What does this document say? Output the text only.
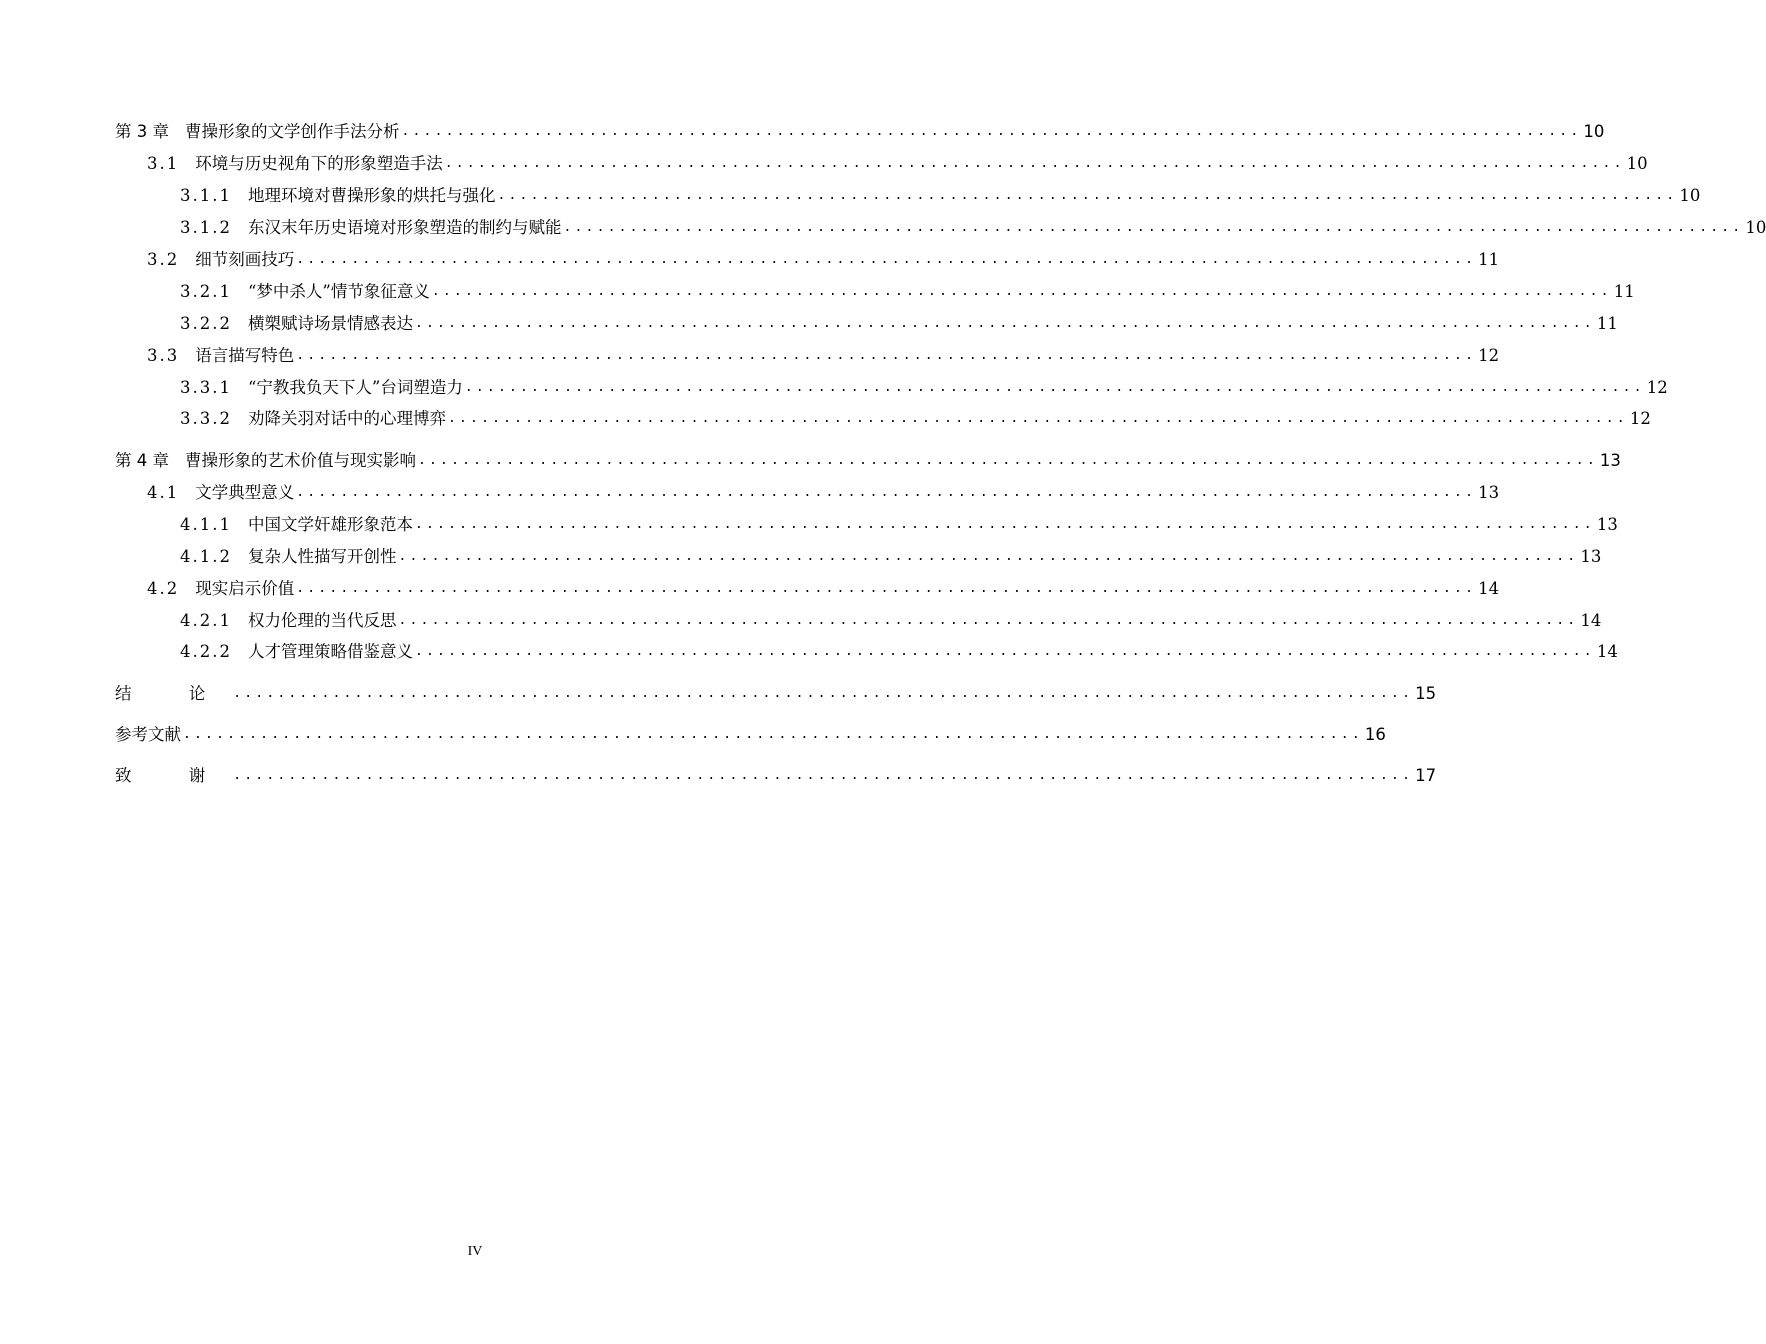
第 3 章 曹操形象的文学创作手法分析 ........................................................................................................... 10
3.1 环境与历史视角下的形象塑造手法 ........................................................................................................... 10
3.1.1 地理环境对曹操形象的烘托与强化 ........................................................................................................... 10
3.1.2 东汉末年历史语境对形象塑造的制约与赋能 ........................................................................................................... 10
3.2 细节刻画技巧 ........................................................................................................... 11
3.2.1 “梦中杀人”情节象征意义 ........................................................................................................... 11
3.2.2 横槊赋诗场景情感表达 ........................................................................................................... 11
3.3 语言描写特色 ........................................................................................................... 12
3.3.1 “宁教我负天下人”台词塑造力 ........................................................................................................... 12
3.3.2 劝降关羽对话中的心理博弈 ........................................................................................................... 12
第 4 章 曹操形象的艺术价值与现实影响 ........................................................................................................... 13
4.1 文学典型意义 ........................................................................................................... 13
4.1.1 中国文学奸雄形象范本 ........................................................................................................... 13
4.1.2 复杂人性描写开创性 ........................................................................................................... 13
4.2 现实启示价值 ........................................................................................................... 14
4.2.1 权力伦理的当代反思 ........................................................................................................... 14
4.2.2 人才管理策略借鉴意义 ........................................................................................................... 14
结 论 ........................................................................................................... 15
参考文献 ........................................................................................................... 16
致 谢 ........................................................................................................... 17
IV
